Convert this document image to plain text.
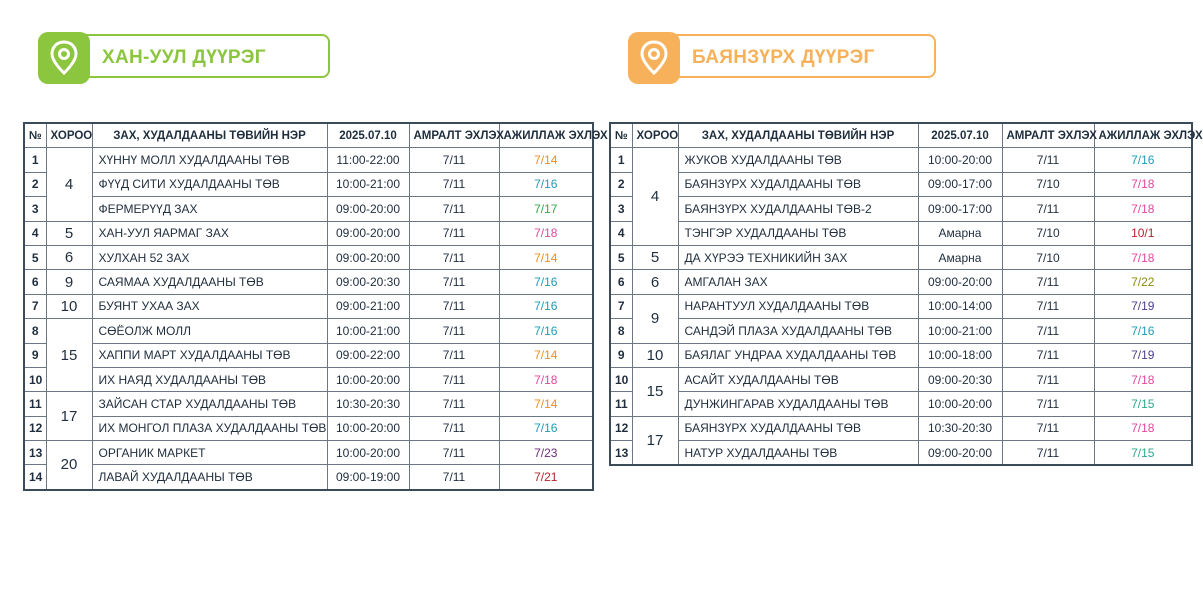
ХАН-УУЛ ДҮҮРЭГ	БАЯНЗҮРХ ДҮҮРЭГ
№	ХОРОО	ЗАХ, ХУДАЛДААНЫ ТӨВИЙН НЭР	2025.07.10	АМРАЛТ ЭХЛЭХ	АЖИЛЛАЖ ЭХЛЭХ
1	4	ХҮННҮ МОЛЛ ХУДАЛДААНЫ ТӨВ	11:00-22:00	7/11	7/14
2		ФҮҮД СИТИ ХУДАЛДААНЫ ТӨВ	10:00-21:00	7/11	7/16
3		ФЕРМЕРҮҮД ЗАХ	09:00-20:00	7/11	7/17
4	5	ХАН-УУЛ ЯАРМАГ ЗАХ	09:00-20:00	7/11	7/18
5	6	ХУЛХАН 52 ЗАХ	09:00-20:00	7/11	7/14
6	9	САЯМАА ХУДАЛДААНЫ ТӨВ	09:00-20:30	7/11	7/16
7	10	БУЯНТ УХАА ЗАХ	09:00-21:00	7/11	7/16
8	15	СӨЁОЛЖ МОЛЛ	10:00-21:00	7/11	7/16
9		ХАППИ МАРТ ХУДАЛДААНЫ ТӨВ	09:00-22:00	7/11	7/14
10		ИХ НАЯД ХУДАЛДААНЫ ТӨВ	10:00-20:00	7/11	7/18
11	17	ЗАЙСАН СТАР ХУДАЛДААНЫ ТӨВ	10:30-20:30	7/11	7/14
12		ИХ МОНГОЛ ПЛАЗА ХУДАЛДААНЫ ТӨВ	10:00-20:00	7/11	7/16
13	20	ОРГАНИК МАРКЕТ	10:00-20:00	7/11	7/23
14		ЛАВАЙ ХУДАЛДААНЫ ТӨВ	09:00-19:00	7/11	7/21
№	ХОРОО	ЗАХ, ХУДАЛДААНЫ ТӨВИЙН НЭР	2025.07.10	АМРАЛТ ЭХЛЭХ	АЖИЛЛАЖ ЭХЛЭХ
1	4	ЖУКОВ ХУДАЛДААНЫ ТӨВ	10:00-20:00	7/11	7/16
2		БАЯНЗҮРХ ХУДАЛДААНЫ ТӨВ	09:00-17:00	7/10	7/18
3		БАЯНЗҮРХ ХУДАЛДААНЫ ТӨВ-2	09:00-17:00	7/11	7/18
4		ТЭНГЭР ХУДАЛДААНЫ ТӨВ	Амарна	7/10	10/1
5	5	ДА ХҮРЭЭ ТЕХНИКИЙН ЗАХ	Амарна	7/10	7/18
6	6	АМГАЛАН ЗАХ	09:00-20:00	7/11	7/22
7	9	НАРАНТУУЛ ХУДАЛДААНЫ ТӨВ	10:00-14:00	7/11	7/19
8		САНДЭЙ ПЛАЗА ХУДАЛДААНЫ ТӨВ	10:00-21:00	7/11	7/16
9	10	БАЯЛАГ УНДРАА ХУДАЛДААНЫ ТӨВ	10:00-18:00	7/11	7/19
10	15	АСАЙТ ХУДАЛДААНЫ ТӨВ	09:00-20:30	7/11	7/18
11		ДУНЖИНГАРАВ ХУДАЛДААНЫ ТӨВ	10:00-20:00	7/11	7/15
12	17	БАЯНЗҮРХ ХУДАЛДААНЫ ТӨВ	10:30-20:30	7/11	7/18
13		НАТУР ХУДАЛДААНЫ ТӨВ	09:00-20:00	7/11	7/15
